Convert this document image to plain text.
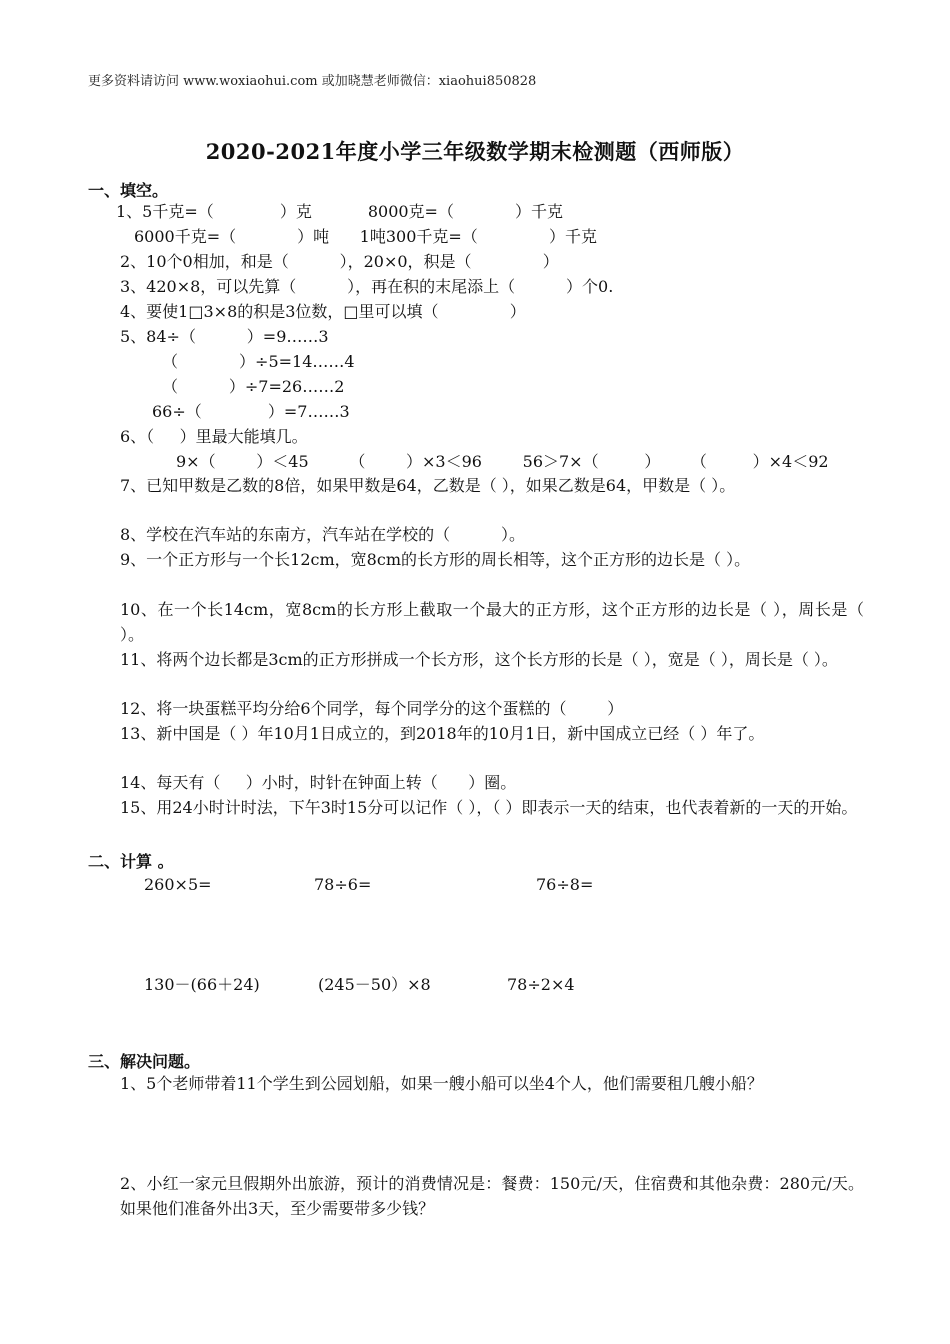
更多资料请访问 www.woxiaohui.com 或加晓慧老师微信：xiaohui850828
2020-2021年度小学三年级数学期末检测题（西师版）
一、填空。
1、5千克=（             ）克           8000克=（            ）千克
6000千克=（            ）吨      1吨300千克=（              ）千克
2、10个0相加，和是（          ），20×0，积是（              ）
3、420×8，可以先算（          ），再在积的末尾添上（          ）个0.
4、要使1□3×8的积是3位数，□里可以填（              ）
5、84÷（          ）=9……3
（            ）÷5=14……4
（          ）÷7=26……2
66÷（             ）=7……3
6、（     ）里最大能填几。
9×（        ）＜45        （        ）×3＜96        56＞7×（         ）      （         ）×4＜92
7、已知甲数是乙数的8倍，如果甲数是64，乙数是（ ），如果乙数是64，甲数是（ ）。
8、学校在汽车站的东南方，汽车站在学校的（          ）。
9、一个正方形与一个长12cm，宽8cm的长方形的周长相等，这个正方形的边长是（ ）。
10、在一个长14cm，宽8cm的长方形上截取一个最大的正方形，这个正方形的边长是（ ），周长是（ ）。
11、将两个边长都是3cm的正方形拼成一个长方形，这个长方形的长是（ ），宽是（ ），周长是（ ）。
12、将一块蛋糕平均分给6个同学，每个同学分的这个蛋糕的（        ）
13、新中国是（ ）年10月1日成立的，到2018年的10月1日，新中国成立已经（ ）年了。
14、每天有（     ）小时，时针在钟面上转（      ）圈。
15、用24小时计时法，下午3时15分可以记作（ ），（ ）即表示一天的结束，也代表着新的一天的开始。
二、计算 。
260×5=	78÷6=	76÷8=
130－(66＋24)	(245－50）×8	78÷2×4
三、解决问题。
1、5个老师带着11个学生到公园划船，如果一艘小船可以坐4个人，他们需要租几艘小船？
2、小红一家元旦假期外出旅游，预计的消费情况是：餐费：150元/天，住宿费和其他杂费：280元/天。如果他们准备外出3天，至少需要带多少钱？
